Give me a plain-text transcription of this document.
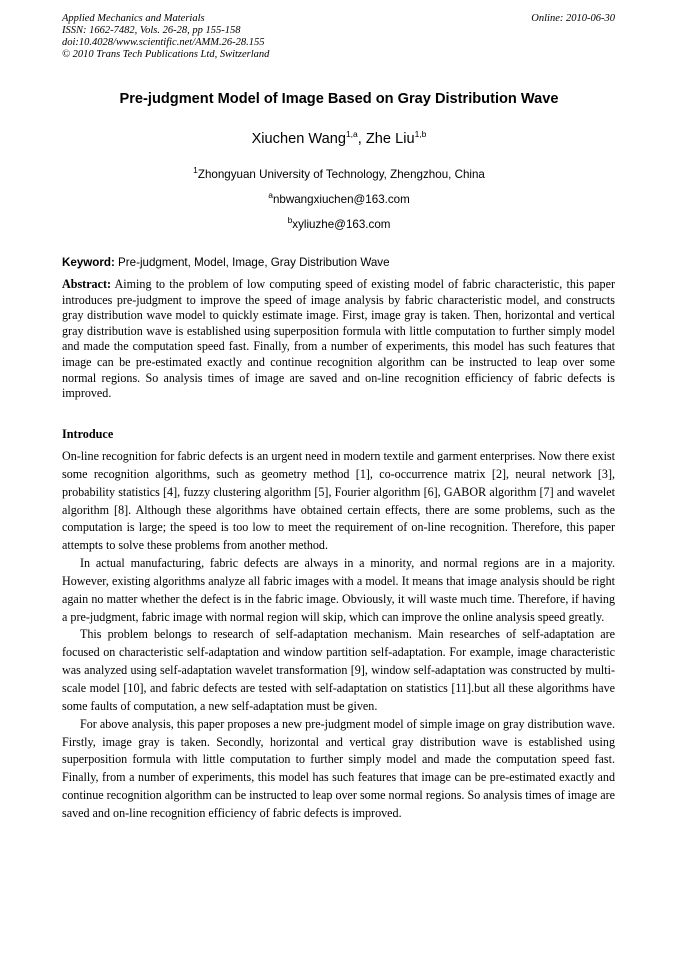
Applied Mechanics and Materials
ISSN: 1662-7482, Vols. 26-28, pp 155-158
doi:10.4028/www.scientific.net/AMM.26-28.155
© 2010 Trans Tech Publications Ltd, Switzerland
Online: 2010-06-30
Pre-judgment Model of Image Based on Gray Distribution Wave
Xiuchen Wang$^{1,a}$, Zhe Liu$^{1,b}$
$^1$Zhongyuan University of Technology, Zhengzhou, China
$^a$nbwangxiuchen@163.com
$^b$xyliuzhe@163.com
Keyword: Pre-judgment, Model, Image, Gray Distribution Wave
Abstract: Aiming to the problem of low computing speed of existing model of fabric characteristic, this paper introduces pre-judgment to improve the speed of image analysis by fabric characteristic model, and constructs gray distribution wave model to quickly estimate image. First, image gray is taken. Then, horizontal and vertical gray distribution wave is established using superposition formula with little computation to further simply model and made the computation speed fast. Finally, from a number of experiments, this model has such features that image can be pre-estimated exactly and continue recognition algorithm can be instructed to leap over some normal regions. So analysis times of image are saved and on-line recognition efficiency of fabric defects is improved.
Introduce

On-line recognition for fabric defects is an urgent need in modern textile and garment enterprises. Now there exist some recognition algorithms, such as geometry method [1], co-occurrence matrix [2], neural network [3], probability statistics [4], fuzzy clustering algorithm [5], Fourier algorithm [6], GABOR algorithm [7] and wavelet algorithm [8]. Although these algorithms have obtained certain effects, there are some problems, such as the computation is large; the speed is too low to meet the requirement of on-line recognition. Therefore, this paper attempts to solve these problems from another method.

In actual manufacturing, fabric defects are always in a minority, and normal regions are in a majority. However, existing algorithms analyze all fabric images with a model. It means that image analysis should be right again no matter whether the defect is in the fabric image. Obviously, it will waste much time. Therefore, if having a pre-judgment, fabric image with normal region will skip, which can improve the online analysis speed greatly.

This problem belongs to research of self-adaptation mechanism. Main researches of self-adaptation are focused on characteristic self-adaptation and window partition self-adaptation. For example, image characteristic was analyzed using self-adaptation wavelet transformation [9], window self-adaptation was constructed by multi-scale model [10], and fabric defects are tested with self-adaptation on statistics [11].but all these algorithms have some faults of computation, a new self-adaptation must be given.

For above analysis, this paper proposes a new pre-judgment model of simple image on gray distribution wave. Firstly, image gray is taken. Secondly, horizontal and vertical gray distribution wave is established using superposition formula with little computation to further simply model and made the computation speed fast. Finally, from a number of experiments, this model has such features that image can be pre-estimated exactly and continue recognition algorithm can be instructed to leap over some normal regions. So analysis times of image are saved and on-line recognition efficiency of fabric defects is improved.
